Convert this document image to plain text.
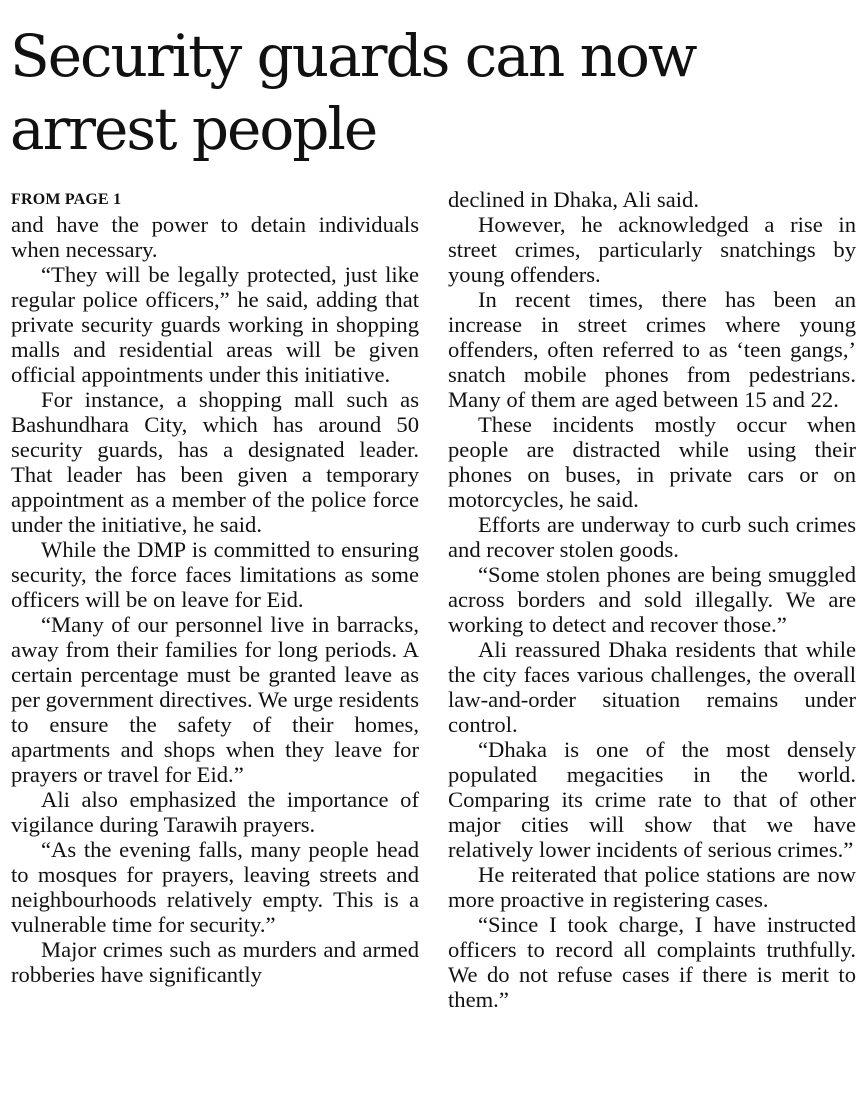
Security guards can now arrest people
FROM PAGE 1

and have the power to detain individuals when necessary.

“They will be legally protected, just like regular police officers,” he said, adding that private security guards working in shopping malls and residential areas will be given official appointments under this initiative.

For instance, a shopping mall such as Bashundhara City, which has around 50 security guards, has a designated leader. That leader has been given a temporary appointment as a member of the police force under the initiative, he said.

While the DMP is committed to ensuring security, the force faces limitations as some officers will be on leave for Eid.

“Many of our personnel live in barracks, away from their families for long periods. A certain percentage must be granted leave as per government directives. We urge residents to ensure the safety of their homes, apartments and shops when they leave for prayers or travel for Eid.”

Ali also emphasized the importance of vigilance during Tarawih prayers.

“As the evening falls, many people head to mosques for prayers, leaving streets and neighbourhoods relatively empty. This is a vulnerable time for security.”

Major crimes such as murders and armed robberies have significantly

declined in Dhaka, Ali said.

However, he acknowledged a rise in street crimes, particularly snatchings by young offenders.

In recent times, there has been an increase in street crimes where young offenders, often referred to as ‘teen gangs,’ snatch mobile phones from pedestrians. Many of them are aged between 15 and 22.

These incidents mostly occur when people are distracted while using their phones on buses, in private cars or on motorcycles, he said.

Efforts are underway to curb such crimes and recover stolen goods.

“Some stolen phones are being smuggled across borders and sold illegally. We are working to detect and recover those.”

Ali reassured Dhaka residents that while the city faces various challenges, the overall law-and-order situation remains under control.

“Dhaka is one of the most densely populated megacities in the world. Comparing its crime rate to that of other major cities will show that we have relatively lower incidents of serious crimes.”

He reiterated that police stations are now more proactive in registering cases.

“Since I took charge, I have instructed officers to record all complaints truthfully. We do not refuse cases if there is merit to them.”
